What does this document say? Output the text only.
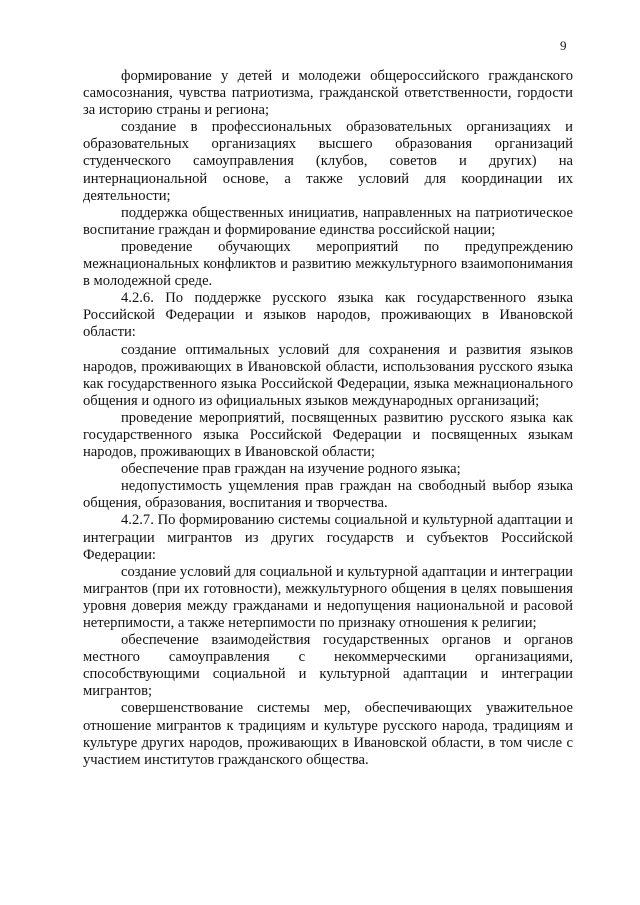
9

формирование у детей и молодежи общероссийского гражданского самосознания, чувства патриотизма, гражданской ответственности, гордости за историю страны и региона;

создание в профессиональных образовательных организациях и образовательных организациях высшего образования организаций студенческого самоуправления (клубов, советов и других) на интернациональной основе, а также условий для координации их деятельности;

поддержка общественных инициатив, направленных на патриотическое воспитание граждан и формирование единства российской нации;

проведение обучающих мероприятий по предупреждению межнациональных конфликтов и развитию межкультурного взаимопонимания в молодежной среде.

4.2.6. По поддержке русского языка как государственного языка Российской Федерации и языков народов, проживающих в Ивановской области:

создание оптимальных условий для сохранения и развития языков народов, проживающих в Ивановской области, использования русского языка как государственного языка Российской Федерации, языка межнационального общения и одного из официальных языков международных организаций;

проведение мероприятий, посвященных развитию русского языка как государственного языка Российской Федерации и посвященных языкам народов, проживающих в Ивановской области;

обеспечение прав граждан на изучение родного языка;

недопустимость ущемления прав граждан на свободный выбор языка общения, образования, воспитания и творчества.

4.2.7. По формированию системы социальной и культурной адаптации и интеграции мигрантов из других государств и субъектов Российской Федерации:

создание условий для социальной и культурной адаптации и интеграции мигрантов (при их готовности), межкультурного общения в целях повышения уровня доверия между гражданами и недопущения национальной и расовой нетерпимости, а также нетерпимости по признаку отношения к религии;

обеспечение взаимодействия государственных органов и органов местного самоуправления с некоммерческими организациями, способствующими социальной и культурной адаптации и интеграции мигрантов;

совершенствование системы мер, обеспечивающих уважительное отношение мигрантов к традициям и культуре русского народа, традициям и культуре других народов, проживающих в Ивановской области, в том числе с участием институтов гражданского общества.
